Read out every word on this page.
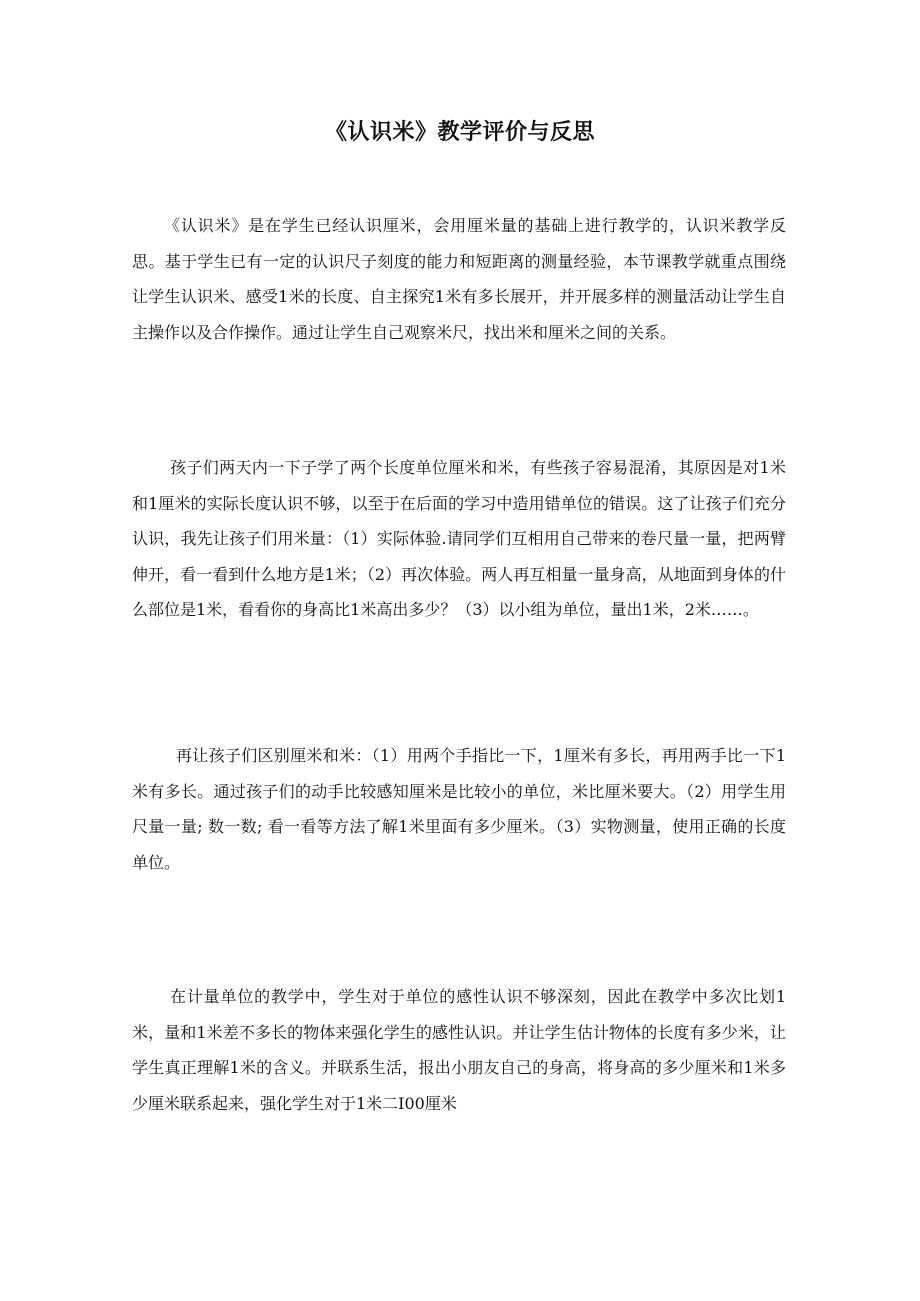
《认识米》教学评价与反思

《认识米》是在学生已经认识厘米，会用厘米量的基础上进行教学的，认识米教学反思。基于学生已有一定的认识尺子刻度的能力和短距离的测量经验，本节课教学就重点围绕让学生认识米、感受1米的长度、自主探究1米有多长展开，并开展多样的测量活动让学生自主操作以及合作操作。通过让学生自己观察米尺，找出米和厘米之间的关系。

孩子们两天内一下子学了两个长度单位厘米和米，有些孩子容易混淆，其原因是对1米和1厘米的实际长度认识不够，以至于在后面的学习中造用错单位的错误。这了让孩子们充分认识，我先让孩子们用米量：（1）实际体验.请同学们互相用自己带来的卷尺量一量，把两臂伸开，看一看到什么地方是1米；（2）再次体验。两人再互相量一量身高，从地面到身体的什么部位是1米，看看你的身高比1米高出多少？（3）以小组为单位，量出1米，2米……。

再让孩子们区别厘米和米：（1）用两个手指比一下，1厘米有多长，再用两手比一下1米有多长。通过孩子们的动手比较感知厘米是比较小的单位，米比厘米要大。（2）用学生用尺量一量; 数一数; 看一看等方法了解1米里面有多少厘米。（3）实物测量，使用正确的长度单位。

在计量单位的教学中，学生对于单位的感性认识不够深刻，因此在教学中多次比划1米，量和1米差不多长的物体来强化学生的感性认识。并让学生估计物体的长度有多少米，让学生真正理解1米的含义。并联系生活，报出小朋友自己的身高，将身高的多少厘米和1米多少厘米联系起来，强化学生对于1米二I00厘米
